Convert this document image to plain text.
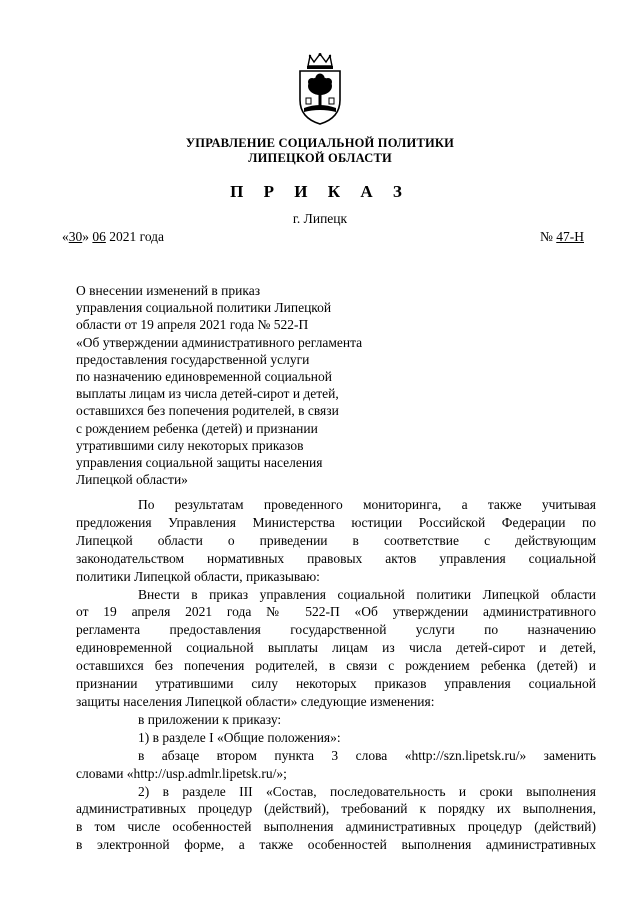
УПРАВЛЕНИЕ СОЦИАЛЬНОЙ ПОЛИТИКИ
ЛИПЕЦКОЙ ОБЛАСТИ
П Р И К А З
г. Липецк
«30» 06 2021 года	№ 47-Н
О внесении изменений в приказ
управления социальной политики Липецкой
области от 19 апреля 2021 года № 522-П
«Об утверждении административного регламента
предоставления государственной услуги
по назначению единовременной социальной
выплаты лицам из числа детей-сирот и детей,
оставшихся без попечения родителей, в связи
с рождением ребенка (детей) и признании
утратившими силу некоторых приказов
управления социальной защиты населения
Липецкой области»
По результатам проведенного мониторинга, а также учитывая
предложения Управления Министерства юстиции Российской Федерации по
Липецкой области о приведении в соответствие с действующим
законодательством нормативных правовых актов управления социальной
политики Липецкой области, приказываю:
Внести в приказ управления социальной политики Липецкой области
от 19 апреля 2021 года № 522-П «Об утверждении административного
регламента предоставления государственной услуги по назначению
единовременной социальной выплаты лицам из числа детей-сирот и детей,
оставшихся без попечения родителей, в связи с рождением ребенка (детей) и
признании утратившими силу некоторых приказов управления социальной
защиты населения Липецкой области» следующие изменения:
в приложении к приказу:
1) в разделе I «Общие положения»:
в абзаце втором пункта 3 слова «http://szn.lipetsk.ru/» заменить
словами «http://usp.admlr.lipetsk.ru/»;
2) в разделе III «Состав, последовательность и сроки выполнения
административных процедур (действий), требований к порядку их выполнения,
в том числе особенностей выполнения административных процедур (действий)
в электронной форме, а также особенностей выполнения административных
